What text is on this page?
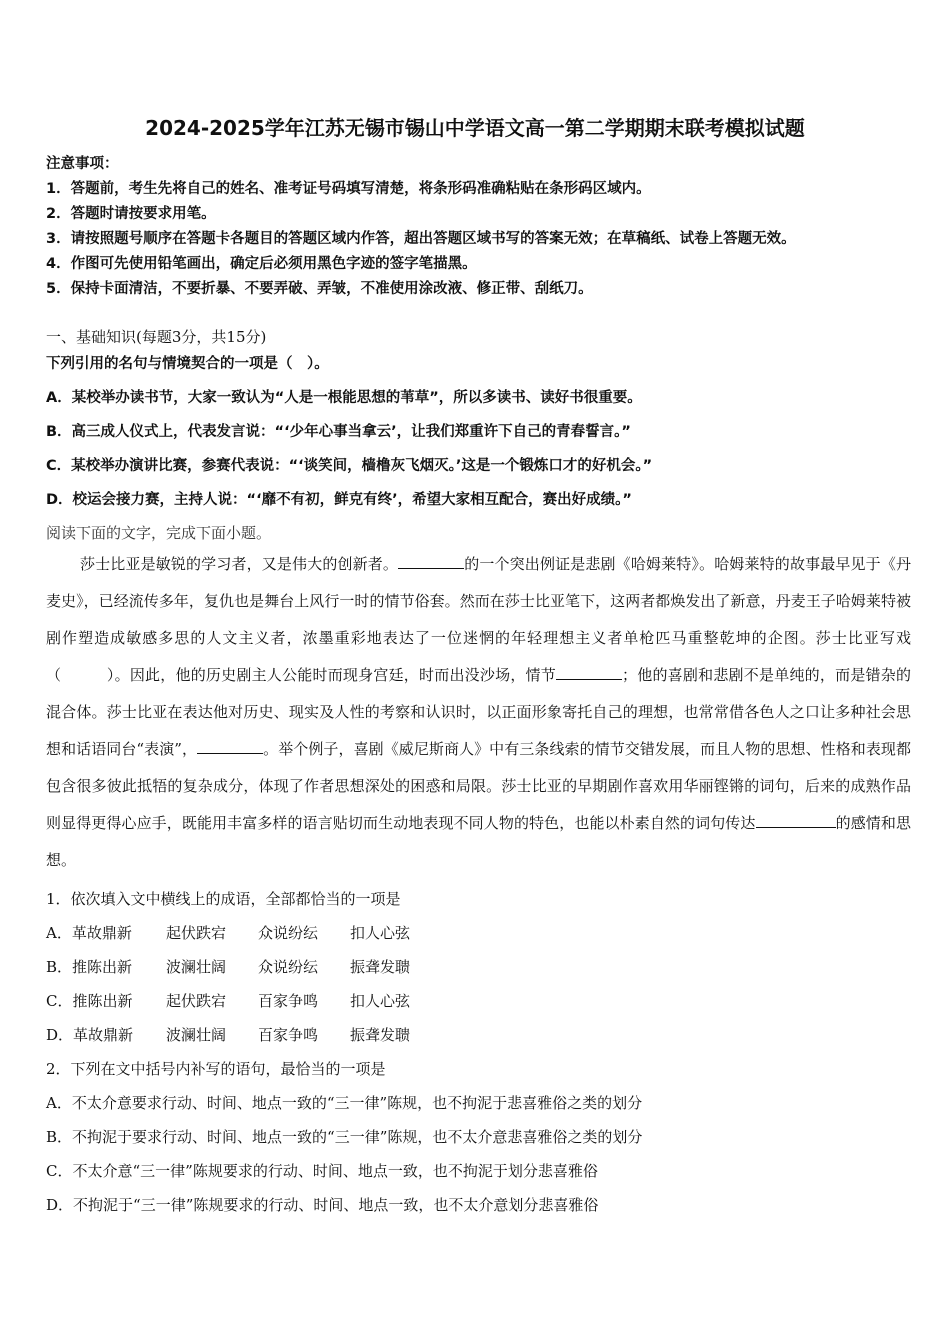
2024-2025学年江苏无锡市锡山中学语文高一第二学期期末联考模拟试题
注意事项：
1．答题前，考生先将自己的姓名、准考证号码填写清楚，将条形码准确粘贴在条形码区域内。
2．答题时请按要求用笔。
3．请按照题号顺序在答题卡各题目的答题区域内作答，超出答题区域书写的答案无效；在草稿纸、试卷上答题无效。
4．作图可先使用铅笔画出，确定后必须用黑色字迹的签字笔描黑。
5．保持卡面清洁，不要折暴、不要弄破、弄皱，不准使用涂改液、修正带、刮纸刀。
一、基础知识(每题3分，共15分)
下列引用的名句与情境契合的一项是（　）。
A．某校举办读书节，大家一致认为“人是一根能思想的苇草”，所以多读书、读好书很重要。
B．高三成人仪式上，代表发言说：“‘少年心事当拿云’，让我们郑重许下自己的青春誓言。”
C．某校举办演讲比赛，参赛代表说：“‘谈笑间，樯橹灰飞烟灭。’这是一个锻炼口才的好机会。”
D．校运会接力赛，主持人说：“‘靡不有初，鲜克有终’，希望大家相互配合，赛出好成绩。”
阅读下面的文字，完成下面小题。

莎士比亚是敏锐的学习者，又是伟大的创新者。	的一个突出例证是悲剧《哈姆莱特》。哈姆莱特的故事最早见于《丹麦史》，已经流传多年，复仇也是舞台上风行一时的情节俗套。然而在莎士比亚笔下，这两者都焕发出了新意，丹麦王子哈姆莱特被剧作塑造成敏感多思的人文主义者，浓墨重彩地表达了一位迷惘的年轻理想主义者单枪匹马重整乾坤的企图。莎士比亚写戏（　　　）。因此，他的历史剧主人公能时而现身宫廷，时而出没沙场，情节	；他的喜剧和悲剧不是单纯的，而是错杂的混合体。莎士比亚在表达他对历史、现实及人性的考察和认识时，以正面形象寄托自己的理想，也常常借各色人之口让多种社会思想和话语同台“表演”，	。举个例子，喜剧《威尼斯商人》中有三条线索的情节交错发展，而且人物的思想、性格和表现都包含很多彼此抵牾的复杂成分，体现了作者思想深处的困惑和局限。莎士比亚的早期剧作喜欢用华丽铿锵的词句，后来的成熟作品则显得更得心应手，既能用丰富多样的语言贴切而生动地表现不同人物的特色，也能以朴素自然的词句传达	的感情和思想。

1．依次填入文中横线上的成语，全部都恰当的一项是
A．革故鼎新 起伏跌宕 众说纷纭 扣人心弦
B．推陈出新 波澜壮阔 众说纷纭 振聋发聩
C．推陈出新 起伏跌宕 百家争鸣 扣人心弦
D．革故鼎新 波澜壮阔 百家争鸣 振聋发聩
2．下列在文中括号内补写的语句，最恰当的一项是
A．不太介意要求行动、时间、地点一致的“三一律”陈规，也不拘泥于悲喜雅俗之类的划分
B．不拘泥于要求行动、时间、地点一致的“三一律”陈规，也不太介意悲喜雅俗之类的划分
C．不太介意“三一律”陈规要求的行动、时间、地点一致，也不拘泥于划分悲喜雅俗
D．不拘泥于“三一律”陈规要求的行动、时间、地点一致，也不太介意划分悲喜雅俗
